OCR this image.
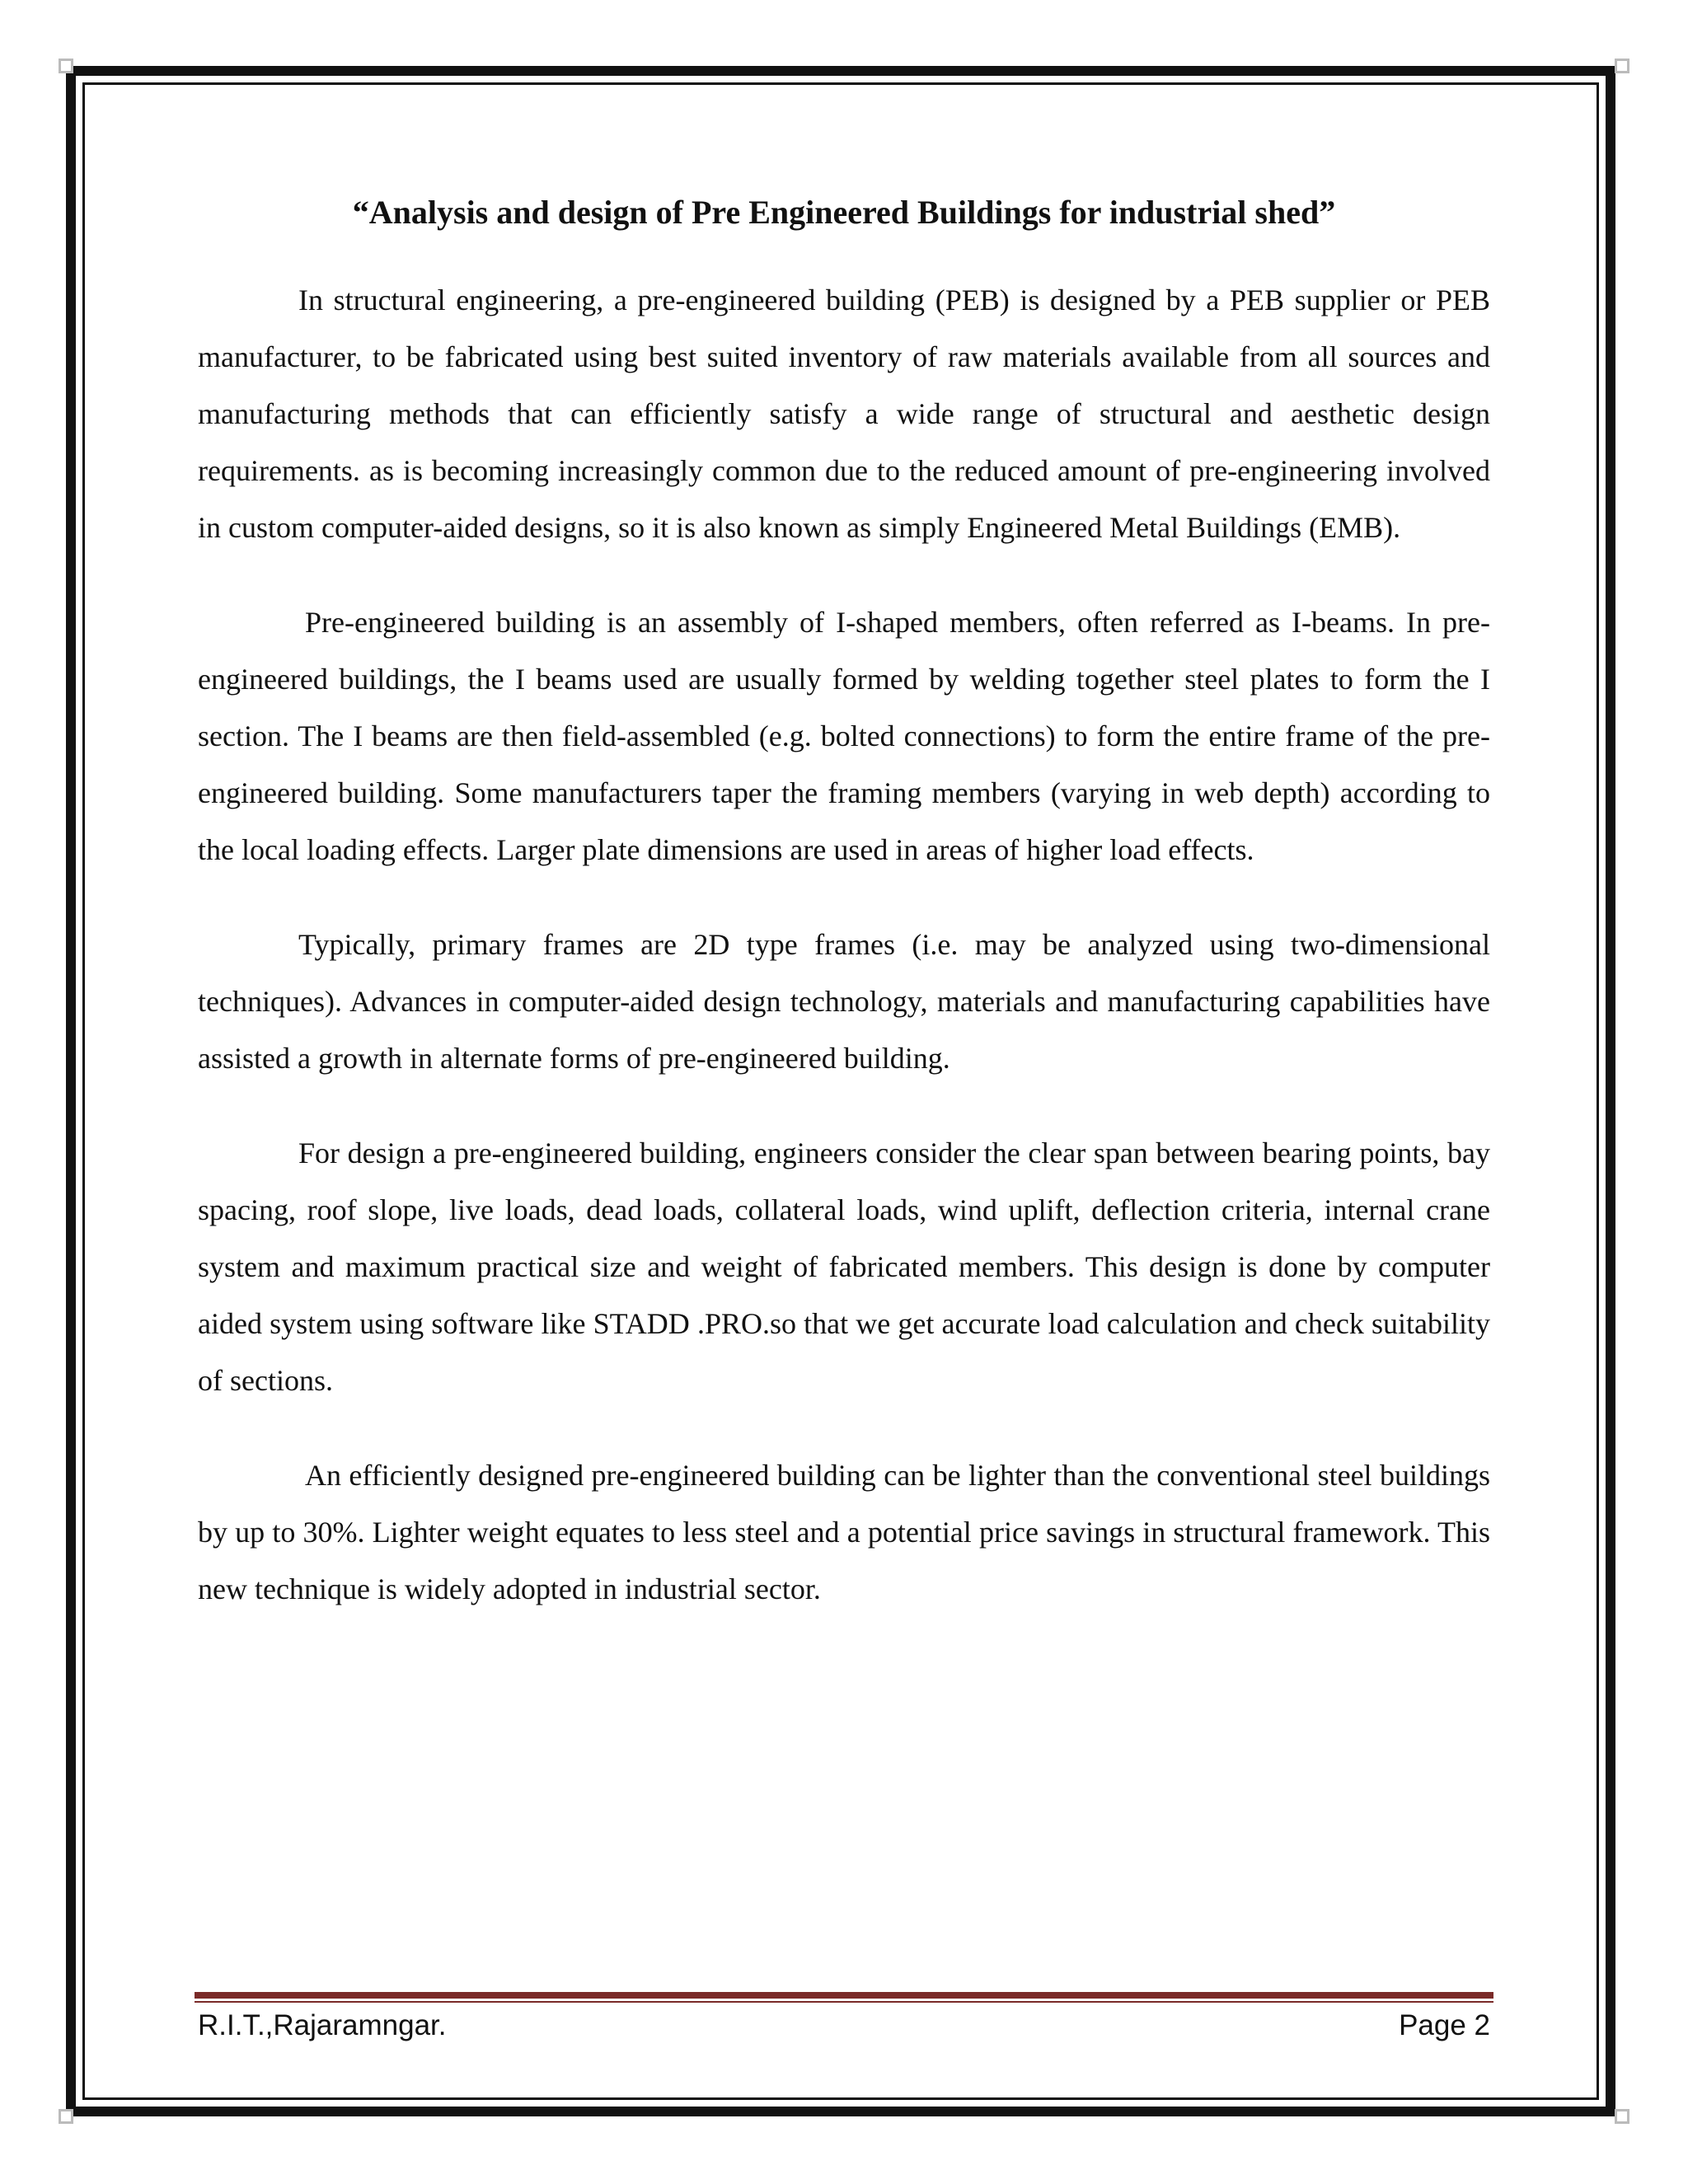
“Analysis and design of Pre Engineered Buildings for industrial shed”

In structural engineering, a pre-engineered building (PEB) is designed by a PEB supplier or PEB manufacturer, to be fabricated using best suited inventory of raw materials available from all sources and manufacturing methods that can efficiently satisfy a wide range of structural and aesthetic design requirements. as is becoming increasingly common due to the reduced amount of pre-engineering involved in custom computer-aided designs, so it is also known as simply Engineered Metal Buildings (EMB).

Pre-engineered building is an assembly of I-shaped members, often referred as I-beams. In pre-engineered buildings, the I beams used are usually formed by welding together steel plates to form the I section. The I beams are then field-assembled (e.g. bolted connections) to form the entire frame of the pre-engineered building. Some manufacturers taper the framing members (varying in web depth) according to the local loading effects. Larger plate dimensions are used in areas of higher load effects.

Typically, primary frames are 2D type frames (i.e. may be analyzed using two-dimensional techniques). Advances in computer-aided design technology, materials and manufacturing capabilities have assisted a growth in alternate forms of pre-engineered building.

For design a pre-engineered building, engineers consider the clear span between bearing points, bay spacing, roof slope, live loads, dead loads, collateral loads, wind uplift, deflection criteria, internal crane system and maximum practical size and weight of fabricated members. This design is done by computer aided system using software like STADD .PRO.so that we get accurate load calculation and check suitability of sections.

An efficiently designed pre-engineered building can be lighter than the conventional steel buildings by up to 30%. Lighter weight equates to less steel and a potential price savings in structural framework. This new technique is widely adopted in industrial sector.

R.I.T.,Rajaramngar.	Page 2
